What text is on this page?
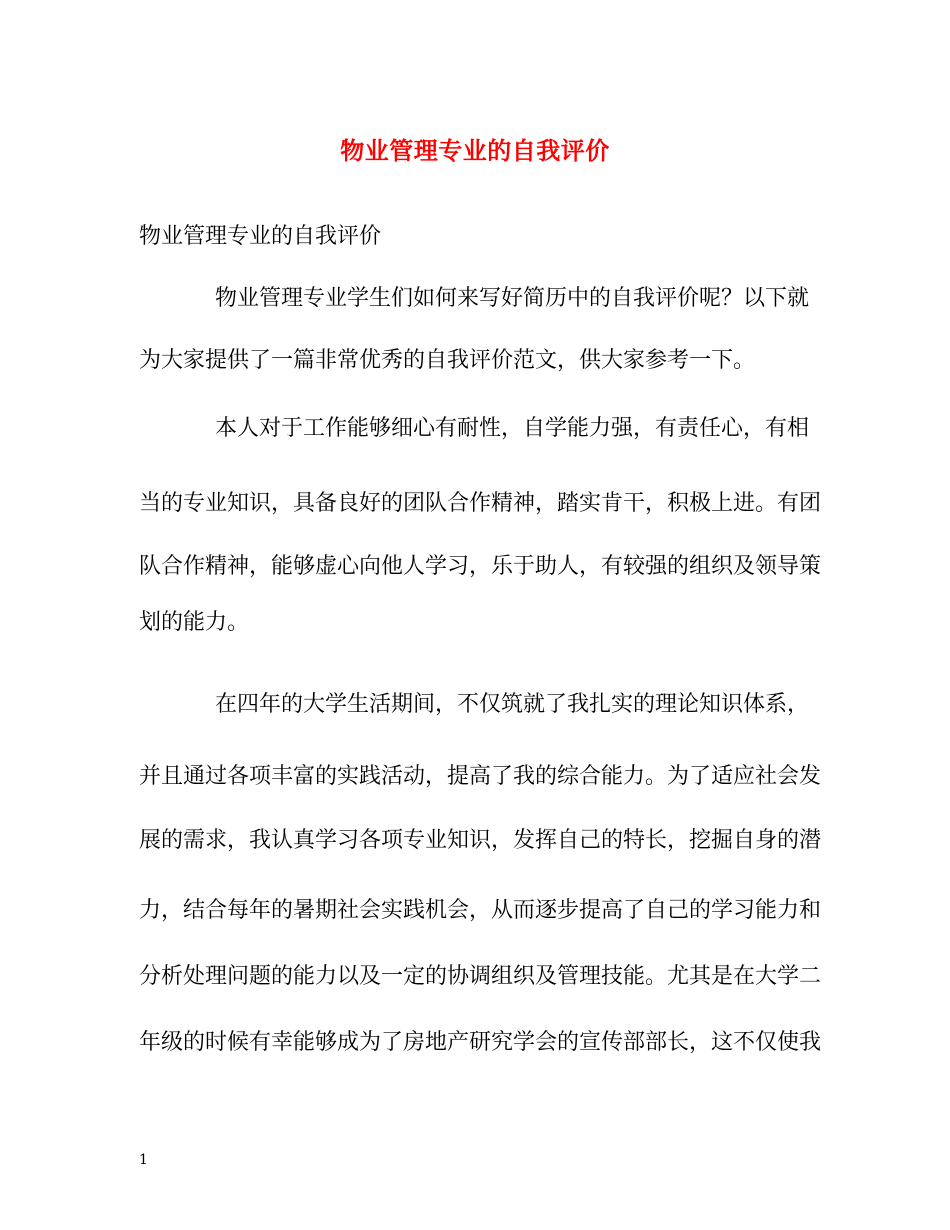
物业管理专业的自我评价
物业管理专业的自我评价
物业管理专业学生们如何来写好简历中的自我评价呢？以下就
为大家提供了一篇非常优秀的自我评价范文，供大家参考一下。
本人对于工作能够细心有耐性，自学能力强，有责任心，有相
当的专业知识，具备良好的团队合作精神，踏实肯干，积极上进。有团
队合作精神，能够虚心向他人学习，乐于助人，有较强的组织及领导策
划的能力。
在四年的大学生活期间，不仅筑就了我扎实的理论知识体系，
并且通过各项丰富的实践活动，提高了我的综合能力。为了适应社会发
展的需求，我认真学习各项专业知识，发挥自己的特长，挖掘自身的潜
力，结合每年的暑期社会实践机会，从而逐步提高了自己的学习能力和
分析处理问题的能力以及一定的协调组织及管理技能。尤其是在大学二
年级的时候有幸能够成为了房地产研究学会的宣传部部长，这不仅使我
1
